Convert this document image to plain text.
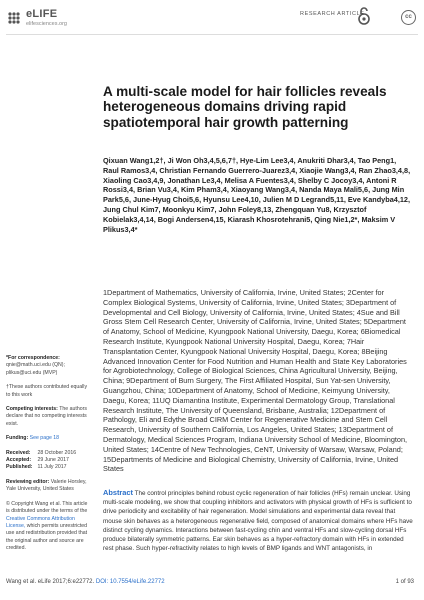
eLIFE
elifesciences.org
RESEARCH ARTICLE	cc
A multi-scale model for hair follicles reveals heterogeneous domains driving rapid spatiotemporal hair growth patterning
Qixuan Wang1,2†, Ji Won Oh3,4,5,6,7†, Hye-Lim Lee3,4, Anukriti Dhar3,4, Tao Peng1, Raul Ramos3,4, Christian Fernando Guerrero-Juarez3,4, Xiaojie Wang3,4, Ran Zhao3,4,8, Xiaoling Cao3,4,9, Jonathan Le3,4, Melisa A Fuentes3,4, Shelby C Jocoy3,4, Antoni R Rossi3,4, Brian Vu3,4, Kim Pham3,4, Xiaoyang Wang3,4, Nanda Maya Mali5,6, Jung Min Park5,6, June-Hyug Choi5,6, Hyunsu Lee4,10, Julien M D Legrand5,11, Eve Kandyba4,12, Jung Chul Kim7, Moonkyu Kim7, John Foley8,13, Zhengquan Yu8, Krzysztof Kobielak3,4,14, Bogi Andersen4,15, Kiarash Khosrotehrani5, Qing Nie1,2*, Maksim V Plikus3,4*
1Department of Mathematics, University of California, Irvine, United States; 2Center for Complex Biological Systems, University of California, Irvine, United States; 3Department of Developmental and Cell Biology, University of California, Irvine, United States; 4Sue and Bill Gross Stem Cell Research Center, University of California, Irvine, United States; 5Department of Anatomy, School of Medicine, Kyungpook National University, Daegu, Korea; 6Biomedical Research Institute, Kyungpook National University Hospital, Daegu, Korea; 7Hair Transplantation Center, Kyungpook National University Hospital, Daegu, Korea; 8Beijing Advanced Innovation Center for Food Nutrition and Human Health and State Key Laboratories for Agrobiotechnology, College of Biological Sciences, China Agricultural University, Beijing, China; 9Department of Burn Surgery, The First Affiliated Hospital, Sun Yat-sen University, Guangzhou, China; 10Department of Anatomy, School of Medicine, Keimyung University, Daegu, Korea; 11UQ Diamantina Institute, Experimental Dermatology Group, Translational Research Institute, The University of Queensland, Brisbane, Australia; 12Department of Pathology, Eli and Edythe Broad CIRM Center for Regenerative Medicine and Stem Cell Research, University of Southern California, Los Angeles, United States; 13Department of Dermatology, Medical Sciences Program, Indiana University School of Medicine, Bloomington, United States; 14Centre of New Technologies, CeNT, University of Warsaw, Warsaw, Poland; 15Departments of Medicine and Biological Chemistry, University of California, Irvine, United States
*For correspondence: qnie@math.uci.edu (QN); plikus@uci.edu (MVP)
†These authors contributed equally to this work
Competing interests: The authors declare that no competing interests exist.
Funding: See page 18
Received: 28 October 2016
Accepted: 29 June 2017
Published: 11 July 2017
Reviewing editor: Valerie Horsley, Yale University, United States
© Copyright Wang et al. This article is distributed under the terms of the Creative Commons Attribution License, which permits unrestricted use and redistribution provided that the original author and source are credited.
Abstract The control principles behind robust cyclic regeneration of hair follicles (HFs) remain unclear. Using multi-scale modeling, we show that coupling inhibitors and activators with physical growth of HFs is sufficient to drive periodicity and excitability of hair regeneration. Model simulations and experimental data reveal that mouse skin behaves as a heterogeneous regenerative field, composed of anatomical domains where HFs have distinct cycling dynamics. Interactions between fast-cycling chin and ventral HFs and slow-cycling dorsal HFs produce bilaterally symmetric patterns. Ear skin behaves as a hyper-refractory domain with HFs in extended rest phase. Such hyper-refractivity relates to high levels of BMP ligands and WNT antagonists, in
Wang et al. eLife 2017;6:e22772. DOI: 10.7554/eLife.22772	1 of 93
